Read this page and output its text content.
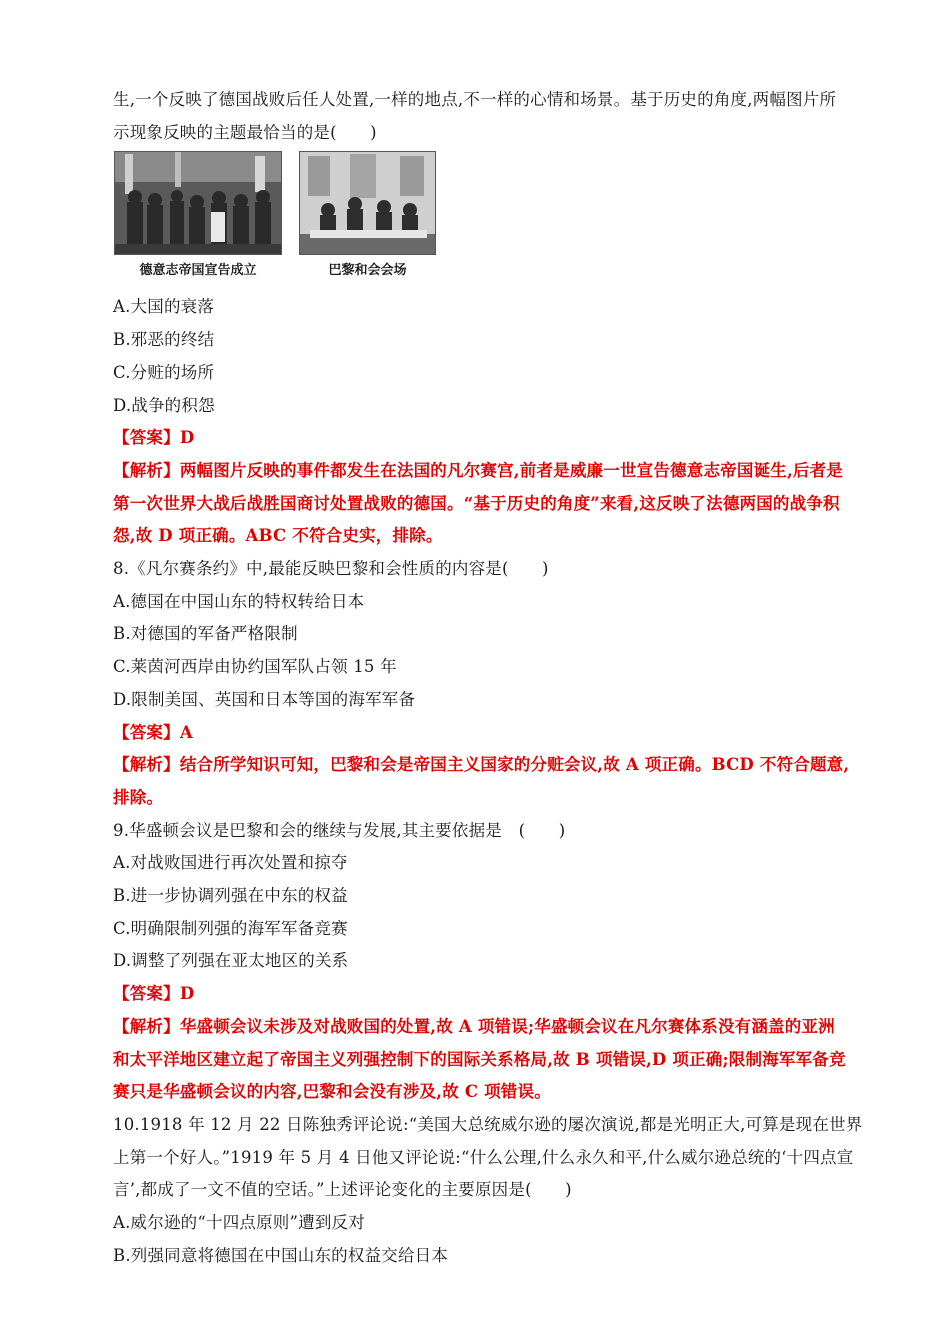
生,一个反映了德国战败后任人处置,一样的地点,不一样的心情和场景。基于历史的角度,两幅图片所
示现象反映的主题最恰当的是(　　)
德意志帝国宣告成立	巴黎和会会场
A.大国的衰落
B.邪恶的终结
C.分赃的场所
D.战争的积怨
【答案】D
【解析】两幅图片反映的事件都发生在法国的凡尔赛宫,前者是威廉一世宣告德意志帝国诞生,后者是
第一次世界大战后战胜国商讨处置战败的德国。“基于历史的角度”来看,这反映了法德两国的战争积
怨,故 D 项正确。ABC 不符合史实，排除。
8.《凡尔赛条约》中,最能反映巴黎和会性质的内容是(　　)
A.德国在中国山东的特权转给日本
B.对德国的军备严格限制
C.莱茵河西岸由协约国军队占领 15 年
D.限制美国、英国和日本等国的海军军备
【答案】A
【解析】结合所学知识可知，巴黎和会是帝国主义国家的分赃会议,故 A 项正确。BCD 不符合题意,
排除。
9.华盛顿会议是巴黎和会的继续与发展,其主要依据是　(　　)
A.对战败国进行再次处置和掠夺
B.进一步协调列强在中东的权益
C.明确限制列强的海军军备竞赛
D.调整了列强在亚太地区的关系
【答案】D
【解析】华盛顿会议未涉及对战败国的处置,故 A 项错误;华盛顿会议在凡尔赛体系没有涵盖的亚洲
和太平洋地区建立起了帝国主义列强控制下的国际关系格局,故 B 项错误,D 项正确;限制海军军备竞
赛只是华盛顿会议的内容,巴黎和会没有涉及,故 C 项错误。
10.1918 年 12 月 22 日陈独秀评论说:“美国大总统威尔逊的屡次演说,都是光明正大,可算是现在世界
上第一个好人。”1919 年 5 月 4 日他又评论说:“什么公理,什么永久和平,什么威尔逊总统的‘十四点宣
言’,都成了一文不值的空话。”上述评论变化的主要原因是(　　)
A.威尔逊的“十四点原则”遭到反对
B.列强同意将德国在中国山东的权益交给日本
